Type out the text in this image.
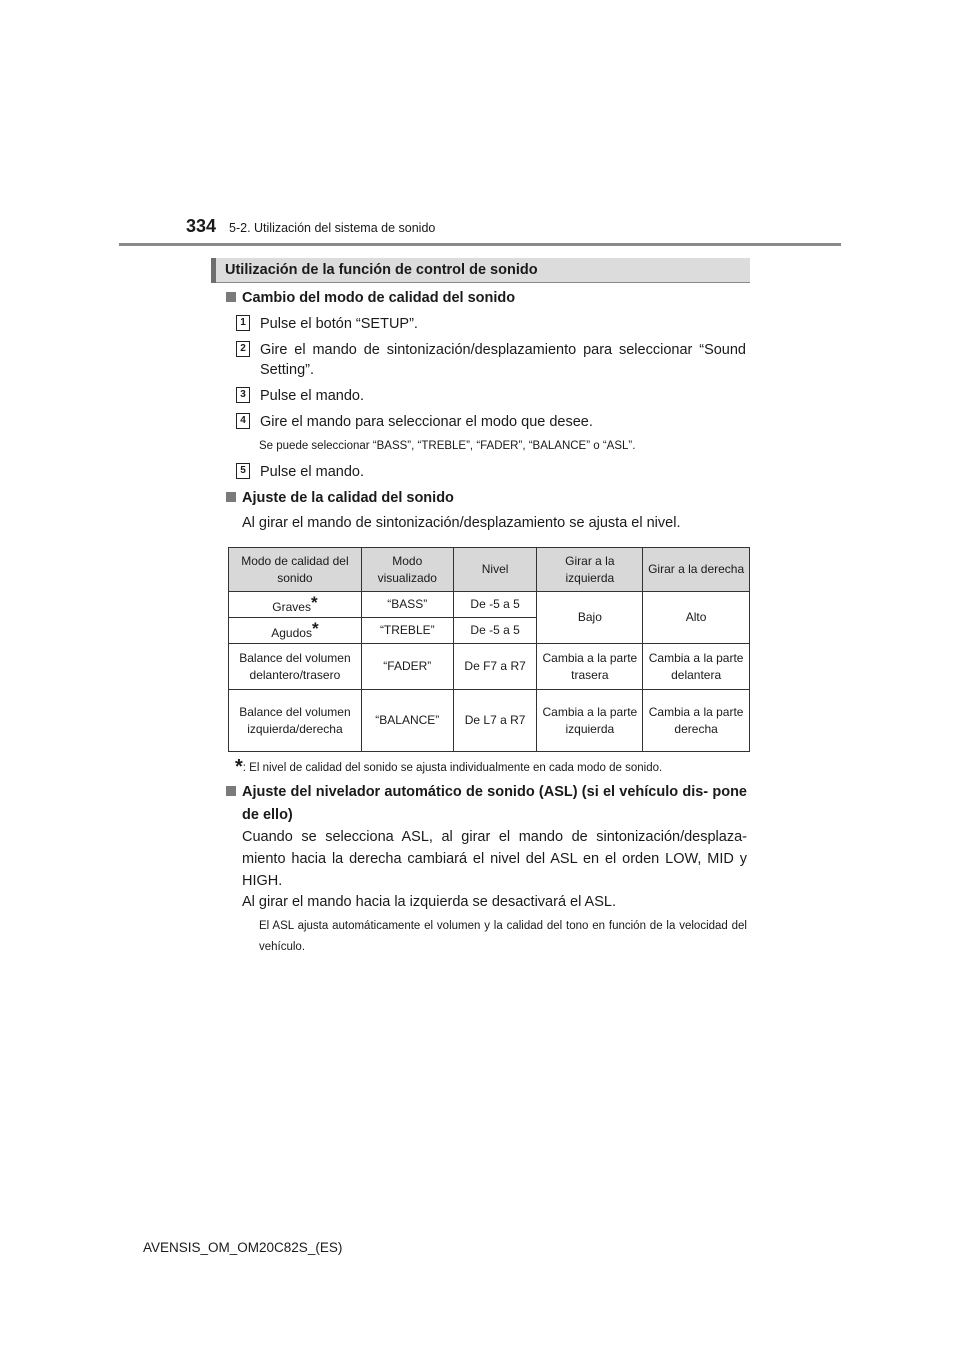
334 5-2. Utilización del sistema de sonido
Utilización de la función de control de sonido
Cambio del modo de calidad del sonido
1 Pulse el botón “SETUP”.
2 Gire el mando de sintonización/desplazamiento para seleccionar “Sound Setting”.
3 Pulse el mando.
4 Gire el mando para seleccionar el modo que desee.
Se puede seleccionar “BASS”, “TREBLE”, “FADER”, “BALANCE” o “ASL”.
5 Pulse el mando.
Ajuste de la calidad del sonido
Al girar el mando de sintonización/desplazamiento se ajusta el nivel.
Modo de calidad del sonido	Modo visualizado	Nivel	Girar a la izquierda	Girar a la derecha
Graves*	“BASS”	De -5 a 5	Bajo	Alto
Agudos*	“TREBLE”	De -5 a 5		
Balance del volumen delantero/trasero	“FADER”	De F7 a R7	Cambia a la parte trasera	Cambia a la parte delantera
Balance del volumen izquierda/derecha	“BALANCE”	De L7 a R7	Cambia a la parte izquierda	Cambia a la parte derecha
*: El nivel de calidad del sonido se ajusta individualmente en cada modo de sonido.
Ajuste del nivelador automático de sonido (ASL) (si el vehículo dis- pone de ello)
Cuando se selecciona ASL, al girar el mando de sintonización/desplaza- miento hacia la derecha cambiará el nivel del ASL en el orden LOW, MID y HIGH.
Al girar el mando hacia la izquierda se desactivará el ASL.
El ASL ajusta automáticamente el volumen y la calidad del tono en función de la velocidad del vehículo.
AVENSIS_OM_OM20C82S_(ES)
